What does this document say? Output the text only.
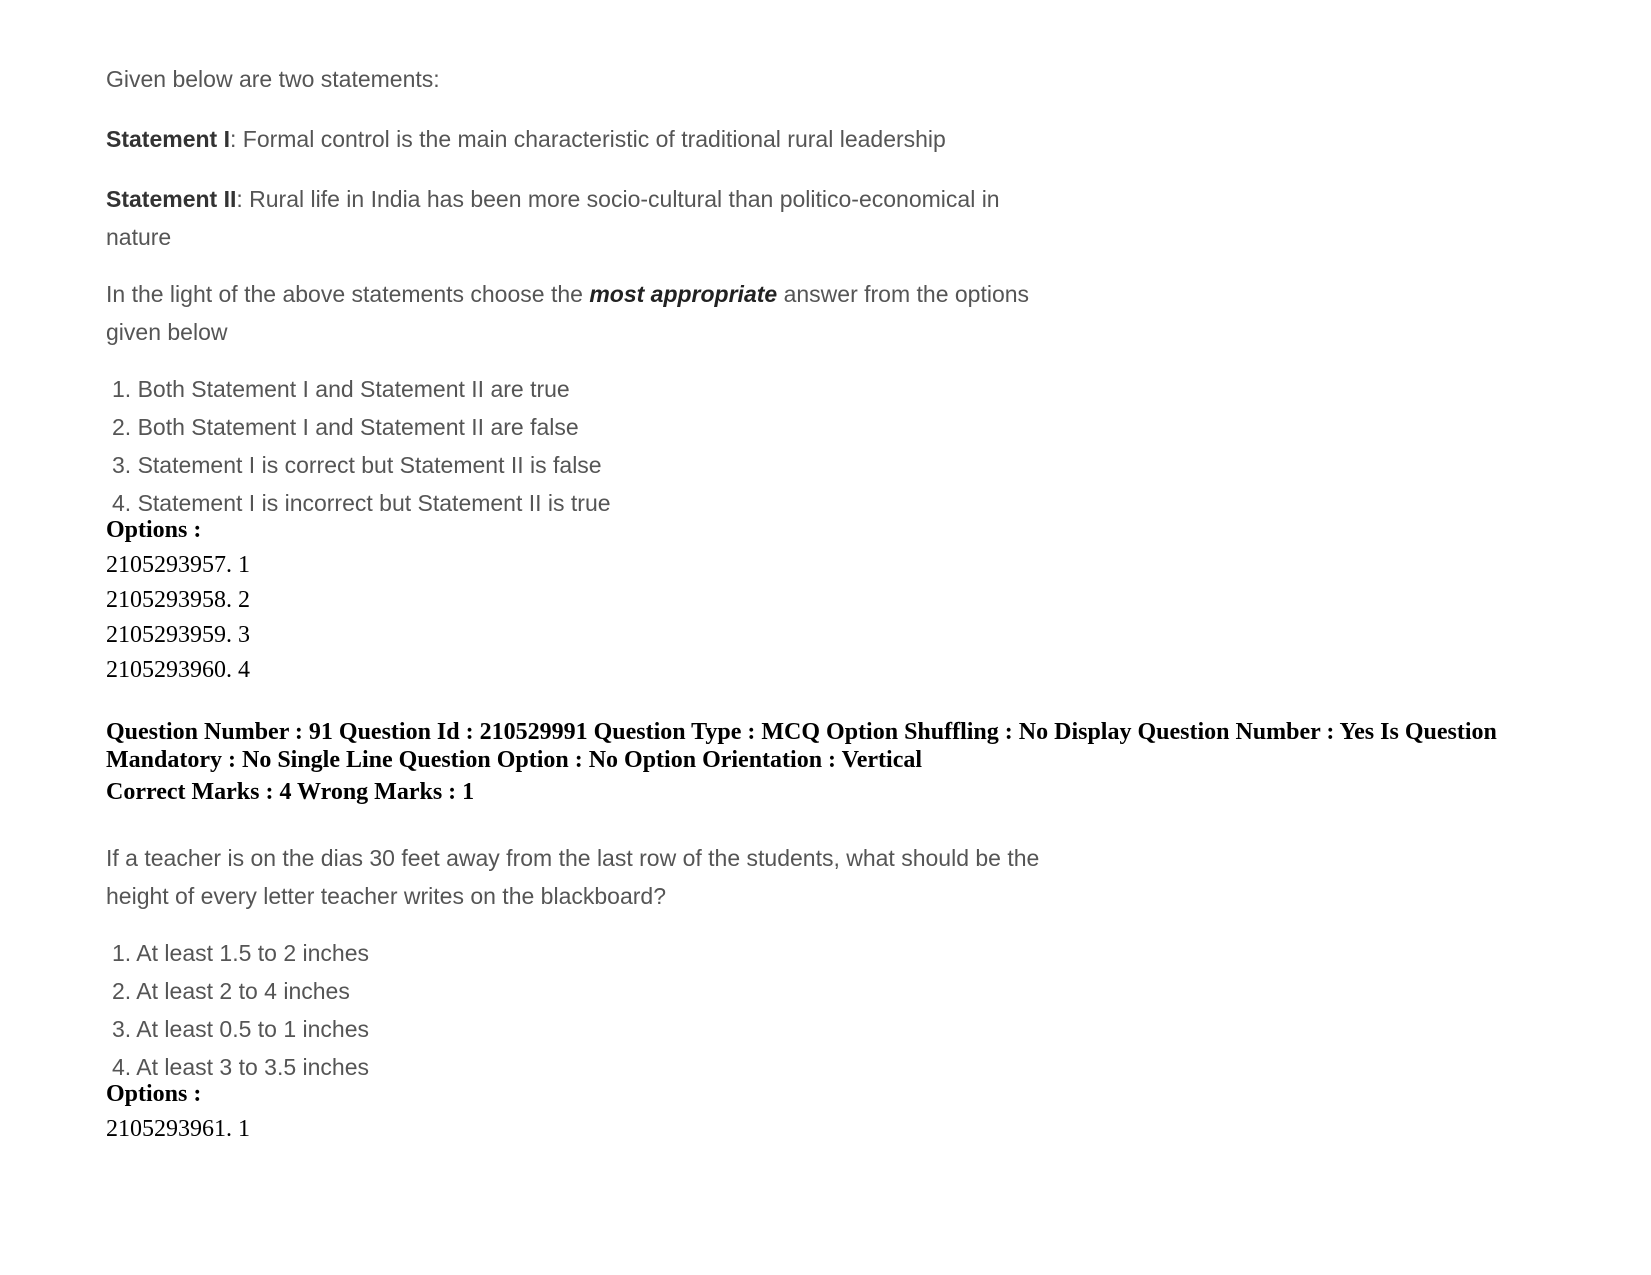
Given below are two statements:

Statement I: Formal control is the main characteristic of traditional rural leadership

Statement II: Rural life in India has been more socio-cultural than politico-economical in
nature

In the light of the above statements choose the most appropriate answer from the options
given below

1. Both Statement I and Statement II are true
2. Both Statement I and Statement II are false
3. Statement I is correct but Statement II is false
4. Statement I is incorrect but Statement II is true
Options :
2105293957. 1
2105293958. 2
2105293959. 3
2105293960. 4
Question Number : 91 Question Id : 210529991 Question Type : MCQ Option Shuffling : No Display Question Number : Yes Is Question
Mandatory : No Single Line Question Option : No Option Orientation : Vertical
Correct Marks : 4 Wrong Marks : 1

If a teacher is on the dias 30 feet away from the last row of the students, what should be the
height of every letter teacher writes on the blackboard?

1. At least 1.5 to 2 inches
2. At least 2 to 4 inches
3. At least 0.5 to 1 inches
4. At least 3 to 3.5 inches
Options :
2105293961. 1
